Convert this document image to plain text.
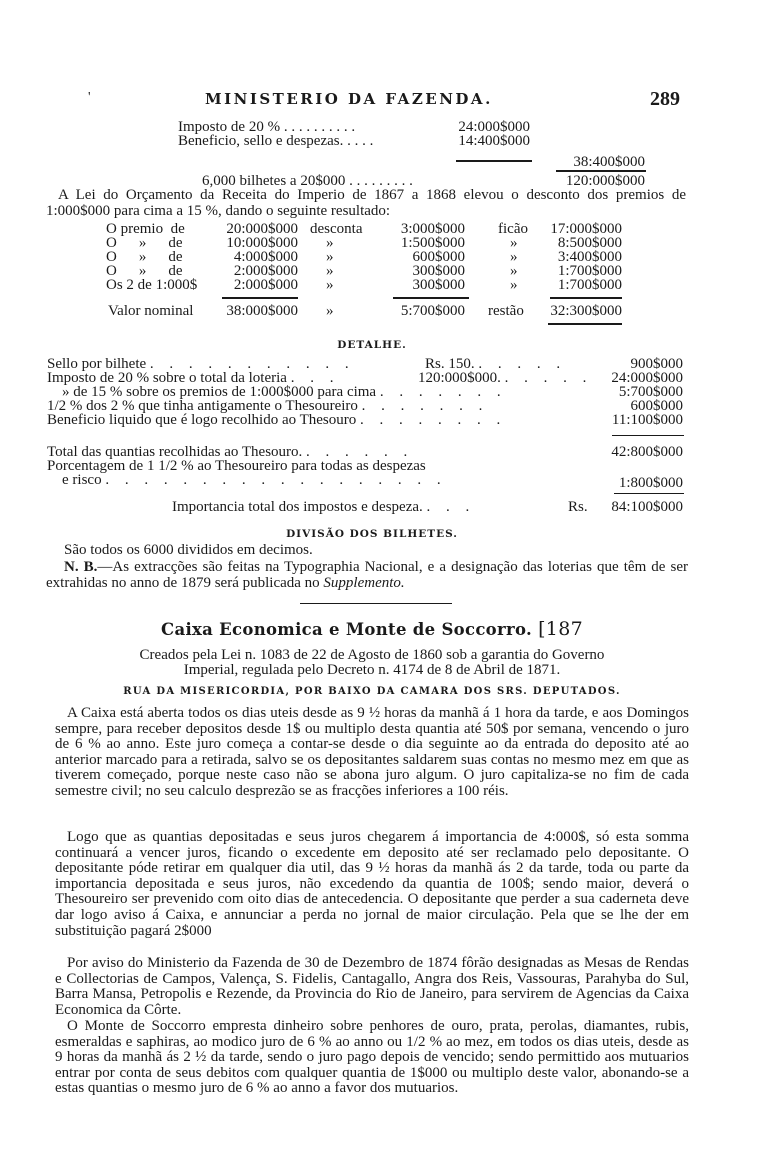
'	MINISTERIO DA FAZENDA.	289
Imposto de 20 % . . . . . . . . . .	24:000$000
Beneficio, sello e despezas. . . . .	14:400$000
38:400$000
6,000 bilhetes a 20$000 . . . . . . . . .	120:000$000
A Lei do Orçamento da Receita do Imperio de 1867 a 1868 elevou o desconto dos premios de 1:000$000 para cima a 15 %, dando o seguinte resultado:
O premio de	20:000$000 desconta	3:000$000 ficão	17:000$000
O » de	10:000$000 »	1:500$000	»	8:500$000
O » de	4:000$000 »	600$000	»	3:400$000
O » de	2:000$000 »	300$000	»	1:700$000
Os 2 de 1:000$	2:000$000 »	300$000	»	1:700$000
Valor nominal	38:000$000 »	5:700$000 restão	32:300$000
DETALHE.
Sello por bilhete . . . . . . . . . . .	Rs. 150. . . . . .	900$000
Imposto de 20 % sobre o total da loteria . . .	120:000$000. . . . . .	24:000$000
» de 15 % sobre os premios de 1:000$000 para cima . . . . . . .	5:700$000
1/2 % dos 2 % que tinha antigamente o Thesoureiro . . . . . . .	600$000
Beneficio liquido que é logo recolhido ao Thesouro . . . . . . . .	11:100$000
Total das quantias recolhidas ao Thesouro. . . . . . .	42:800$000
Porcentagem de 1 1/2 % ao Thesoureiro para todas as despezas
e risco . . . . . . . . . . . . . . . . . .	1:800$000
Importancia total dos impostos e despeza. . . .	Rs.	84:100$000
DIVISÃO DOS BILHETES.
São todos os 6000 divididos em decimos.
N. B.—As extracções são feitas na Typographia Nacional, e a designação das loterias que têm de ser extrahidas no anno de 1879 será publicada no Supplemento.
Caixa Economica e Monte de Soccorro. [187
Creados pela Lei n. 1083 de 22 de Agosto de 1860 sob a garantia do Governo
Imperial, regulada pelo Decreto n. 4174 de 8 de Abril de 1871.
RUA DA MISERICORDIA, POR BAIXO DA CAMARA DOS SRS. DEPUTADOS.
A Caixa está aberta todos os dias uteis desde as 9 ½ horas da manhã á 1 hora da tarde, e aos Domingos sempre, para receber depositos desde 1$ ou multiplo desta quantia até 50$ por semana, vencendo o juro de 6 % ao anno. Este juro começa a contar-se desde o dia seguinte ao da entrada do deposito até ao anterior marcado para a retirada, salvo se os depositantes saldarem suas contas no mesmo mez em que as tiverem começado, porque neste caso não se abona juro algum. O juro capitaliza-se no fim de cada semestre civil; no seu calculo desprezão se as fracções inferiores a 100 réis.
Logo que as quantias depositadas e seus juros chegarem á importancia de 4:000$, só esta somma continuará a vencer juros, ficando o excedente em deposito até ser reclamado pelo depositante. O depositante póde retirar em qualquer dia util, das 9 ½ horas da manhã ás 2 da tarde, toda ou parte da importancia depositada e seus juros, não excedendo da quantia de 100$; sendo maior, deverá o Thesoureiro ser prevenido com oito dias de antecedencia. O depositante que perder a sua caderneta deve dar logo aviso á Caixa, e annunciar a perda no jornal de maior circulação. Pela que se lhe der em substituição pagará 2$000
Por aviso do Ministerio da Fazenda de 30 de Dezembro de 1874 fôrão designadas as Mesas de Rendas e Collectorias de Campos, Valença, S. Fidelis, Cantagallo, Angra dos Reis, Vassouras, Parahyba do Sul, Barra Mansa, Petropolis e Rezende, da Provincia do Rio de Janeiro, para servirem de Agencias da Caixa Economica da Côrte.
O Monte de Soccorro empresta dinheiro sobre penhores de ouro, prata, perolas, diamantes, rubis, esmeraldas e saphiras, ao modico juro de 6 % ao anno ou 1/2 % ao mez, em todos os dias uteis, desde as 9 horas da manhã ás 2 ½ da tarde, sendo o juro pago depois de vencido; sendo permittido aos mutuarios entrar por conta de seus debitos com qualquer quantia de 1$000 ou multiplo deste valor, abonando-se a estas quantias o mesmo juro de 6 % ao anno a favor dos mutuarios.
